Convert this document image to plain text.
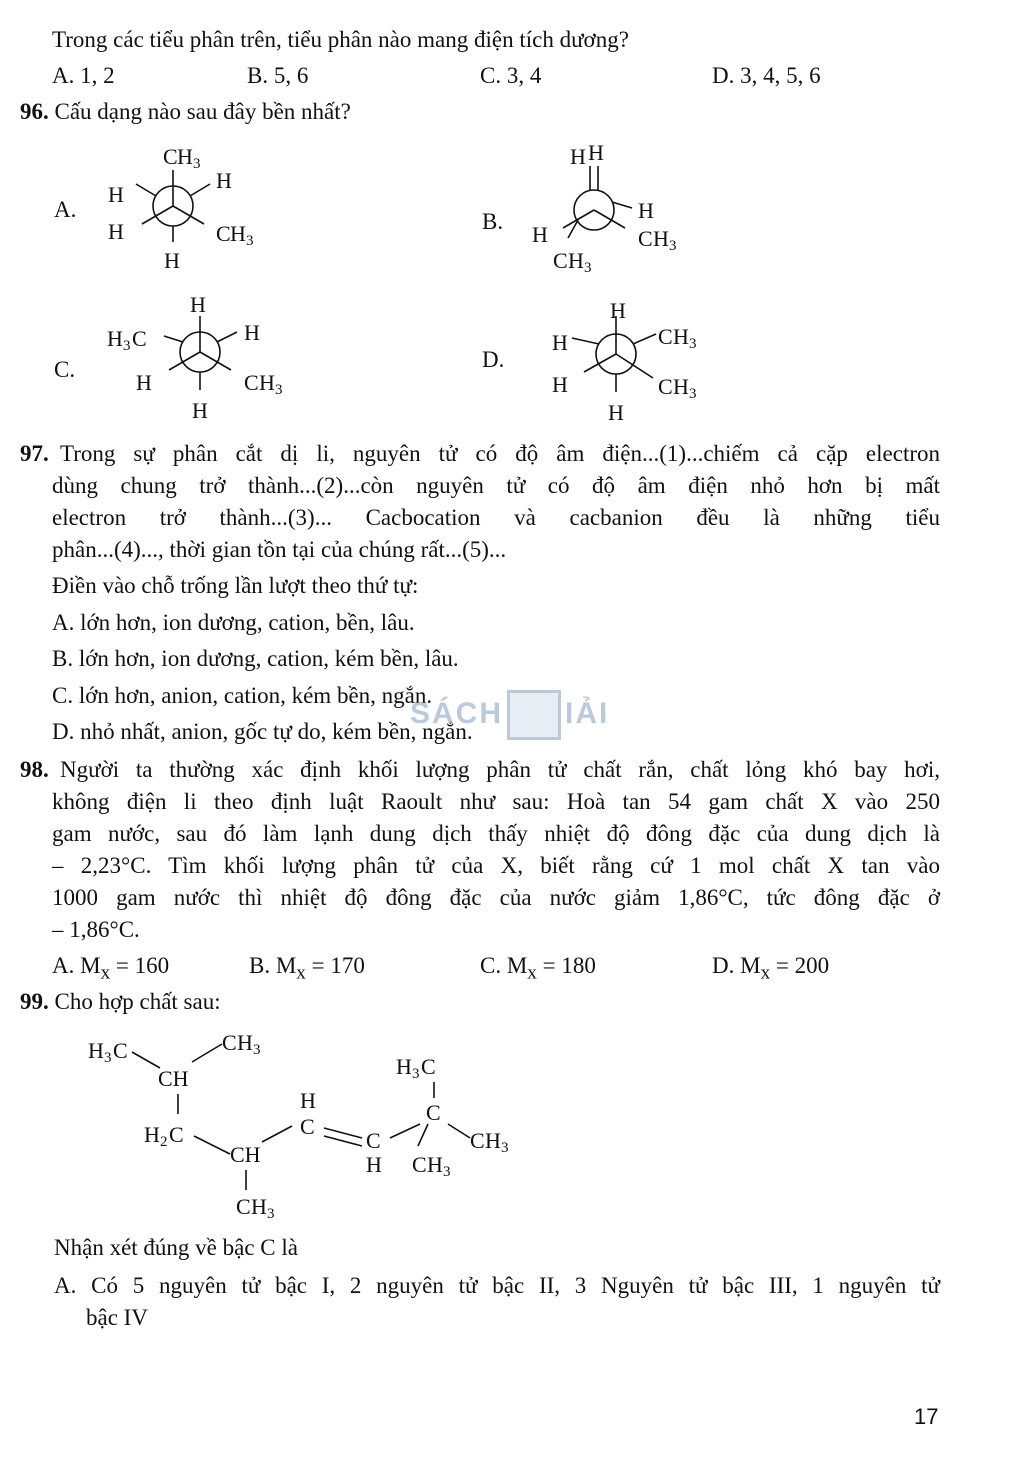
Trong các tiểu phân trên, tiểu phân nào mang điện tích dương?
A. 1, 2	B. 5, 6	C. 3, 4	D. 3, 4, 5, 6
96. Cấu dạng nào sau đây bền nhất?
A.	B.
C.	D.
C H 3
H
H
H	C H 3
H
H H
H
C H 3
H
C H 3
H
H 3 C	H
H	C H 3
H
H
H	C H 3
H	C H 3
H
97. Trong sự phân cắt dị li, nguyên tử có độ âm điện...(1)...chiếm cả cặp electron
dùng chung trở thành...(2)...còn nguyên tử có độ âm điện nhỏ hơn bị mất
electron trở thành...(3)... Cacbocation và cacbanion đều là những tiểu
phân...(4)..., thời gian tồn tại của chúng rất...(5)...
Điền vào chỗ trống lần lượt theo thứ tự:
A. lớn hơn, ion dương, cation, bền, lâu.
B. lớn hơn, ion dương, cation, kém bền, lâu.
C. lớn hơn, anion, cation, kém bền, ngắn.
D. nhỏ nhất, anion, gốc tự do, kém bền, ngắn.
SÁCH IẢI
98. Người ta thường xác định khối lượng phân tử chất rắn, chất lỏng khó bay hơi,
không điện li theo định luật Raoult như sau: Hoà tan 54 gam chất X vào 250
gam nước, sau đó làm lạnh dung dịch thấy nhiệt độ đông đặc của dung dịch là
– 2,23°C. Tìm khối lượng phân tử của X, biết rằng cứ 1 mol chất X tan vào
1000 gam nước thì nhiệt độ đông đặc của nước giảm 1,86°C, tức đông đặc ở
– 1,86°C.
A. $M_x = 160$	B. $M_x = 170$	C. $M_x = 180$	D. $M_x = 200$
99. Cho hợp chất sau:
H 3 C	C H 3
CH
H 2 C
CH
C H 3
H
C
C
H
H 3 C
C
C H 3
C H 3
Nhận xét đúng về bậc C là
A. Có 5 nguyên tử bậc I, 2 nguyên tử bậc II, 3 Nguyên tử bậc III, 1 nguyên tử
bậc IV
17
